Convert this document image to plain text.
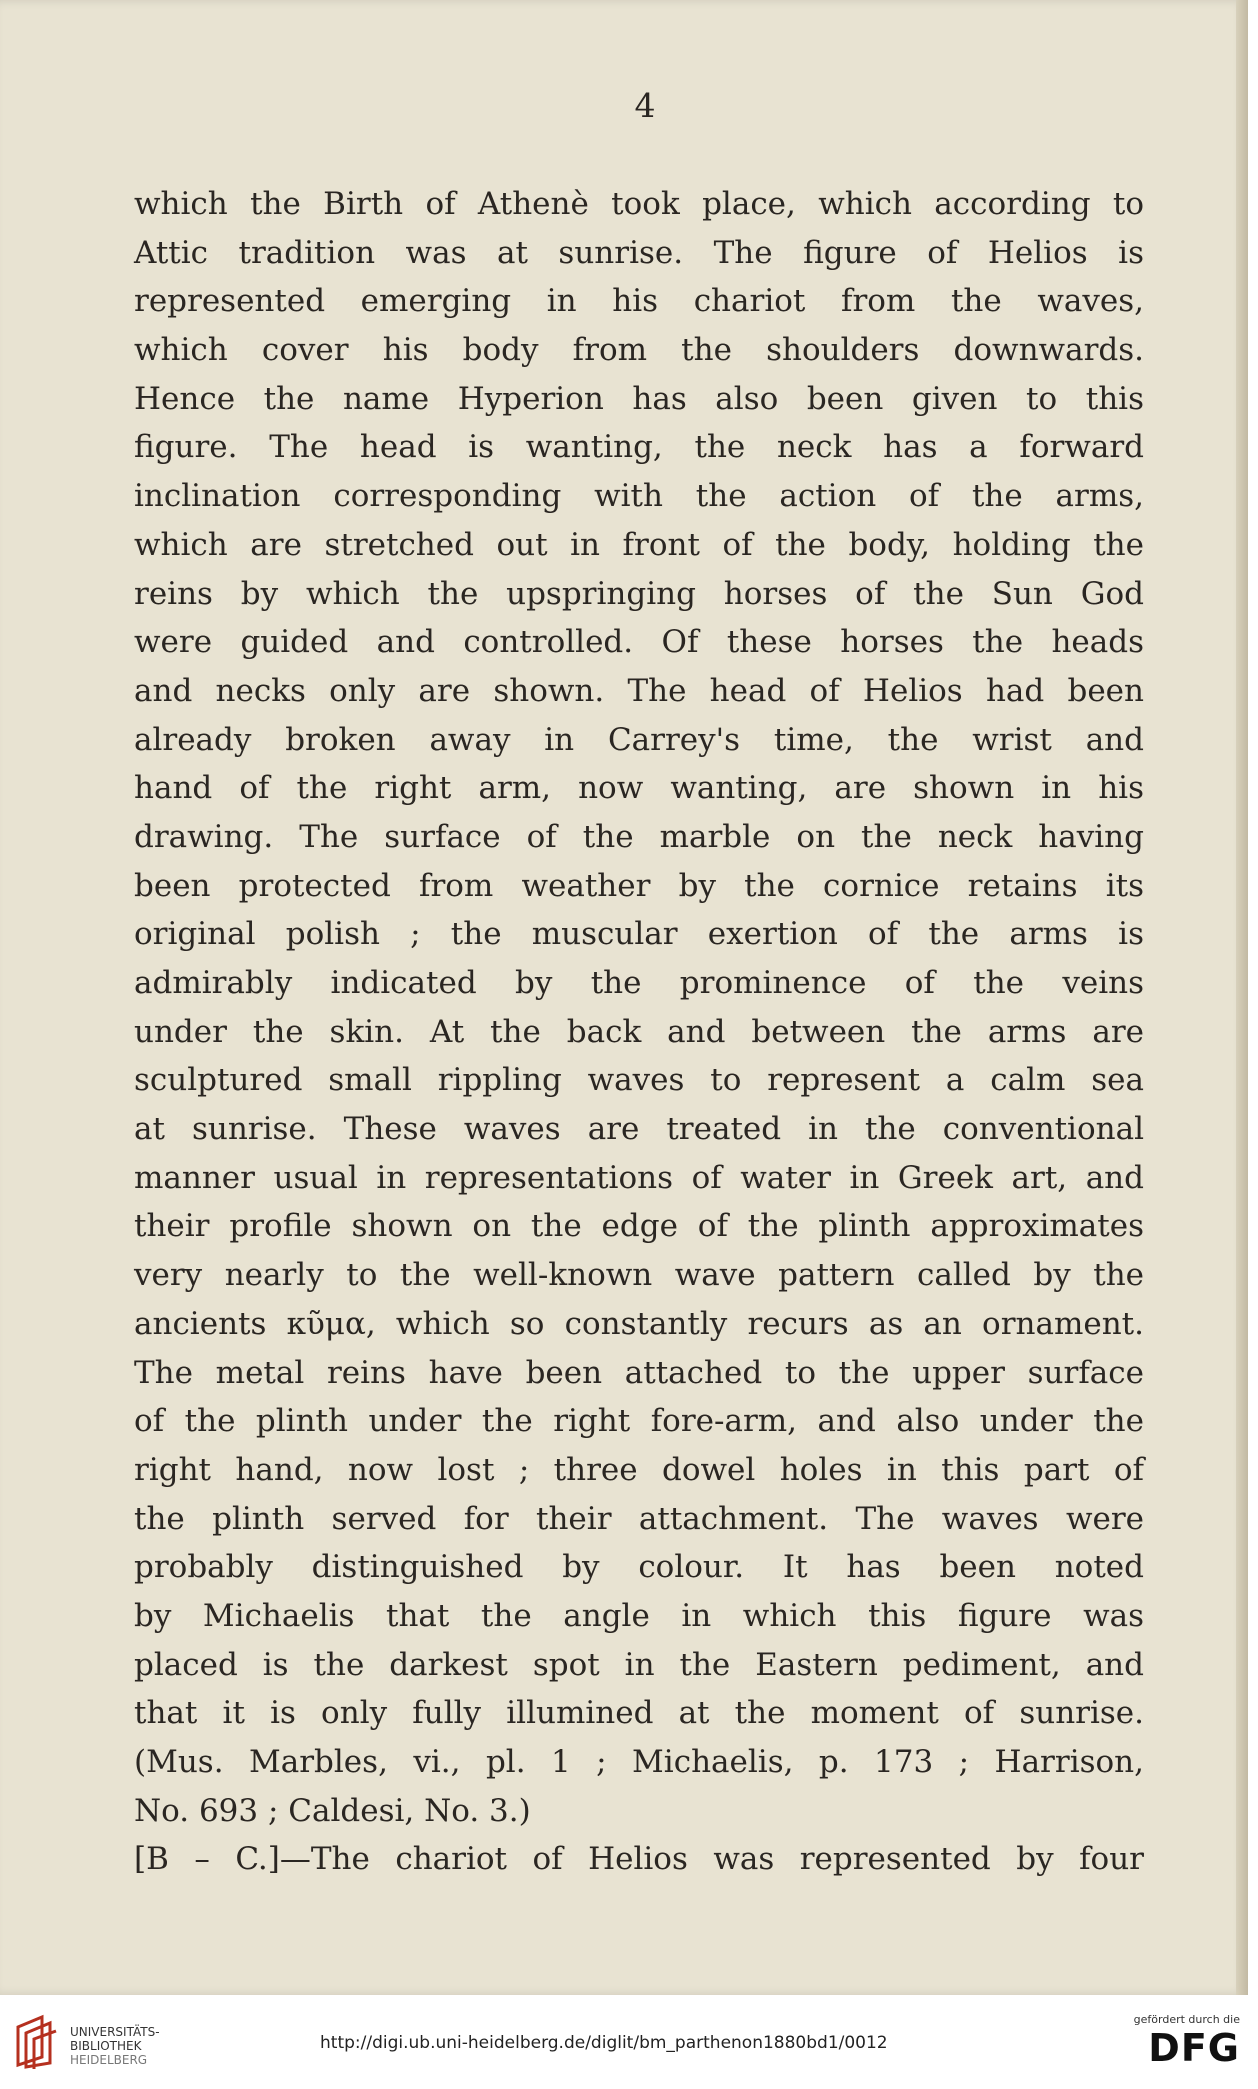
4
which the Birth of Athenè took place, which according to
Attic tradition was at sunrise. The figure of Helios is
represented emerging in his chariot from the waves,
which cover his body from the shoulders downwards.
Hence the name Hyperion has also been given to this
figure. The head is wanting, the neck has a forward
inclination corresponding with the action of the arms,
which are stretched out in front of the body, holding the
reins by which the upspringing horses of the Sun God
were guided and controlled. Of these horses the heads
and necks only are shown. The head of Helios had been
already broken away in Carrey's time, the wrist and
hand of the right arm, now wanting, are shown in his
drawing. The surface of the marble on the neck having
been protected from weather by the cornice retains its
original polish ; the muscular exertion of the arms is
admirably indicated by the prominence of the veins
under the skin. At the back and between the arms are
sculptured small rippling waves to represent a calm sea
at sunrise. These waves are treated in the conventional
manner usual in representations of water in Greek art, and
their profile shown on the edge of the plinth approximates
very nearly to the well-known wave pattern called by the
ancients κῦμα, which so constantly recurs as an ornament.
The metal reins have been attached to the upper surface
of the plinth under the right fore-arm, and also under the
right hand, now lost ; three dowel holes in this part of
the plinth served for their attachment. The waves were
probably distinguished by colour. It has been noted
by Michaelis that the angle in which this figure was
placed is the darkest spot in the Eastern pediment, and
that it is only fully illumined at the moment of sunrise.
(Mus. Marbles, vi., pl. 1 ; Michaelis, p. 173 ; Harrison,
No. 693 ; Caldesi, No. 3.)
[B – C.]—The chariot of Helios was represented by four
UNIVERSITÄTS-
BIBLIOTHEK
HEIDELBERG
http://digi.ub.uni-heidelberg.de/diglit/bm_parthenon1880bd1/0012
gefördert durch die
DFG
